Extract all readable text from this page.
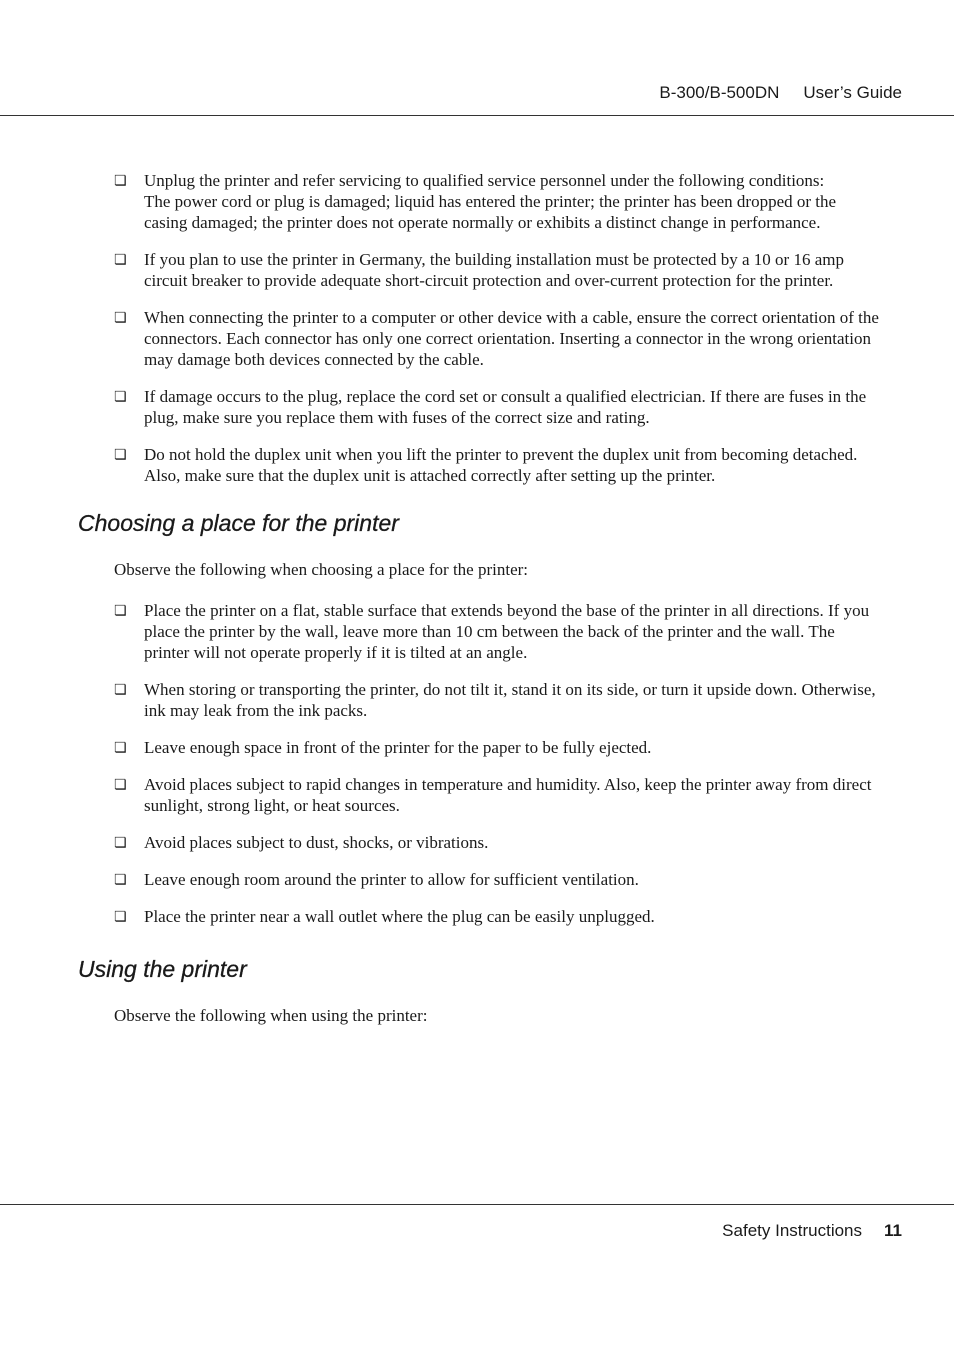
B-300/B-500DN User’s Guide
❏ Unplug the printer and refer servicing to qualified service personnel under the following conditions:
The power cord or plug is damaged; liquid has entered the printer; the printer has been dropped or the casing damaged; the printer does not operate normally or exhibits a distinct change in performance.
❏ If you plan to use the printer in Germany, the building installation must be protected by a 10 or 16 amp circuit breaker to provide adequate short-circuit protection and over-current protection for the printer.
❏ When connecting the printer to a computer or other device with a cable, ensure the correct orientation of the connectors. Each connector has only one correct orientation. Inserting a connector in the wrong orientation may damage both devices connected by the cable.
❏ If damage occurs to the plug, replace the cord set or consult a qualified electrician. If there are fuses in the plug, make sure you replace them with fuses of the correct size and rating.
❏ Do not hold the duplex unit when you lift the printer to prevent the duplex unit from becoming detached. Also, make sure that the duplex unit is attached correctly after setting up the printer.
Choosing a place for the printer

Observe the following when choosing a place for the printer:

❏ Place the printer on a flat, stable surface that extends beyond the base of the printer in all directions. If you place the printer by the wall, leave more than 10 cm between the back of the printer and the wall. The printer will not operate properly if it is tilted at an angle.
❏ When storing or transporting the printer, do not tilt it, stand it on its side, or turn it upside down. Otherwise, ink may leak from the ink packs.
❏ Leave enough space in front of the printer for the paper to be fully ejected.
❏ Avoid places subject to rapid changes in temperature and humidity. Also, keep the printer away from direct sunlight, strong light, or heat sources.
❏ Avoid places subject to dust, shocks, or vibrations.
❏ Leave enough room around the printer to allow for sufficient ventilation.
❏ Place the printer near a wall outlet where the plug can be easily unplugged.
Using the printer

Observe the following when using the printer:

Safety Instructions 11
